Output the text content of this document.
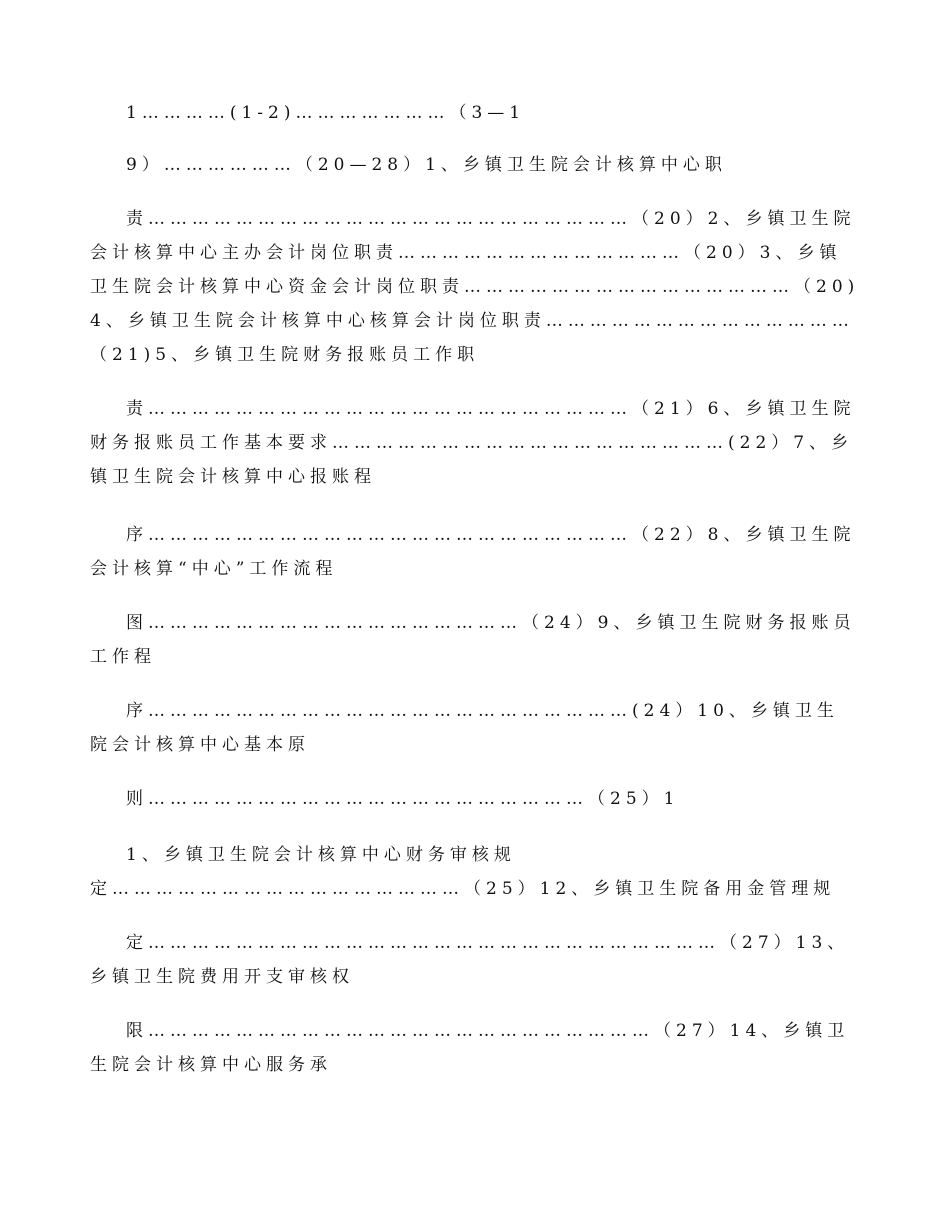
1…………(1-2)…………………（3—1

9）………………（20—28）1、乡镇卫生院会计核算中心职

责…………………………………………………………（20）2、乡镇卫生院会计核算中心主办会计岗位职责…………………………………（20）3、乡镇卫生院会计核算中心资金会计岗位职责………………………………………（20)4、乡镇卫生院会计核算中心核算会计岗位职责……………………………………（21)5、乡镇卫生院财务报账员工作职

责…………………………………………………………（21）6、乡镇卫生院财务报账员工作基本要求………………………………………………(22）7、乡镇卫生院会计核算中心报账程

序…………………………………………………………（22）8、乡镇卫生院会计核算“中心”工作流程

图……………………………………………（24）9、乡镇卫生院财务报账员工作程

序…………………………………………………………(24）10、乡镇卫生院会计核算中心基本原

则……………………………………………………（25）1

1、乡镇卫生院会计核算中心财务审核规定…………………………………………（25）12、乡镇卫生院备用金管理规

定……………………………………………………………………（27）13、乡镇卫生院费用开支审核权

限……………………………………………………………（27）14、乡镇卫生院会计核算中心服务承
